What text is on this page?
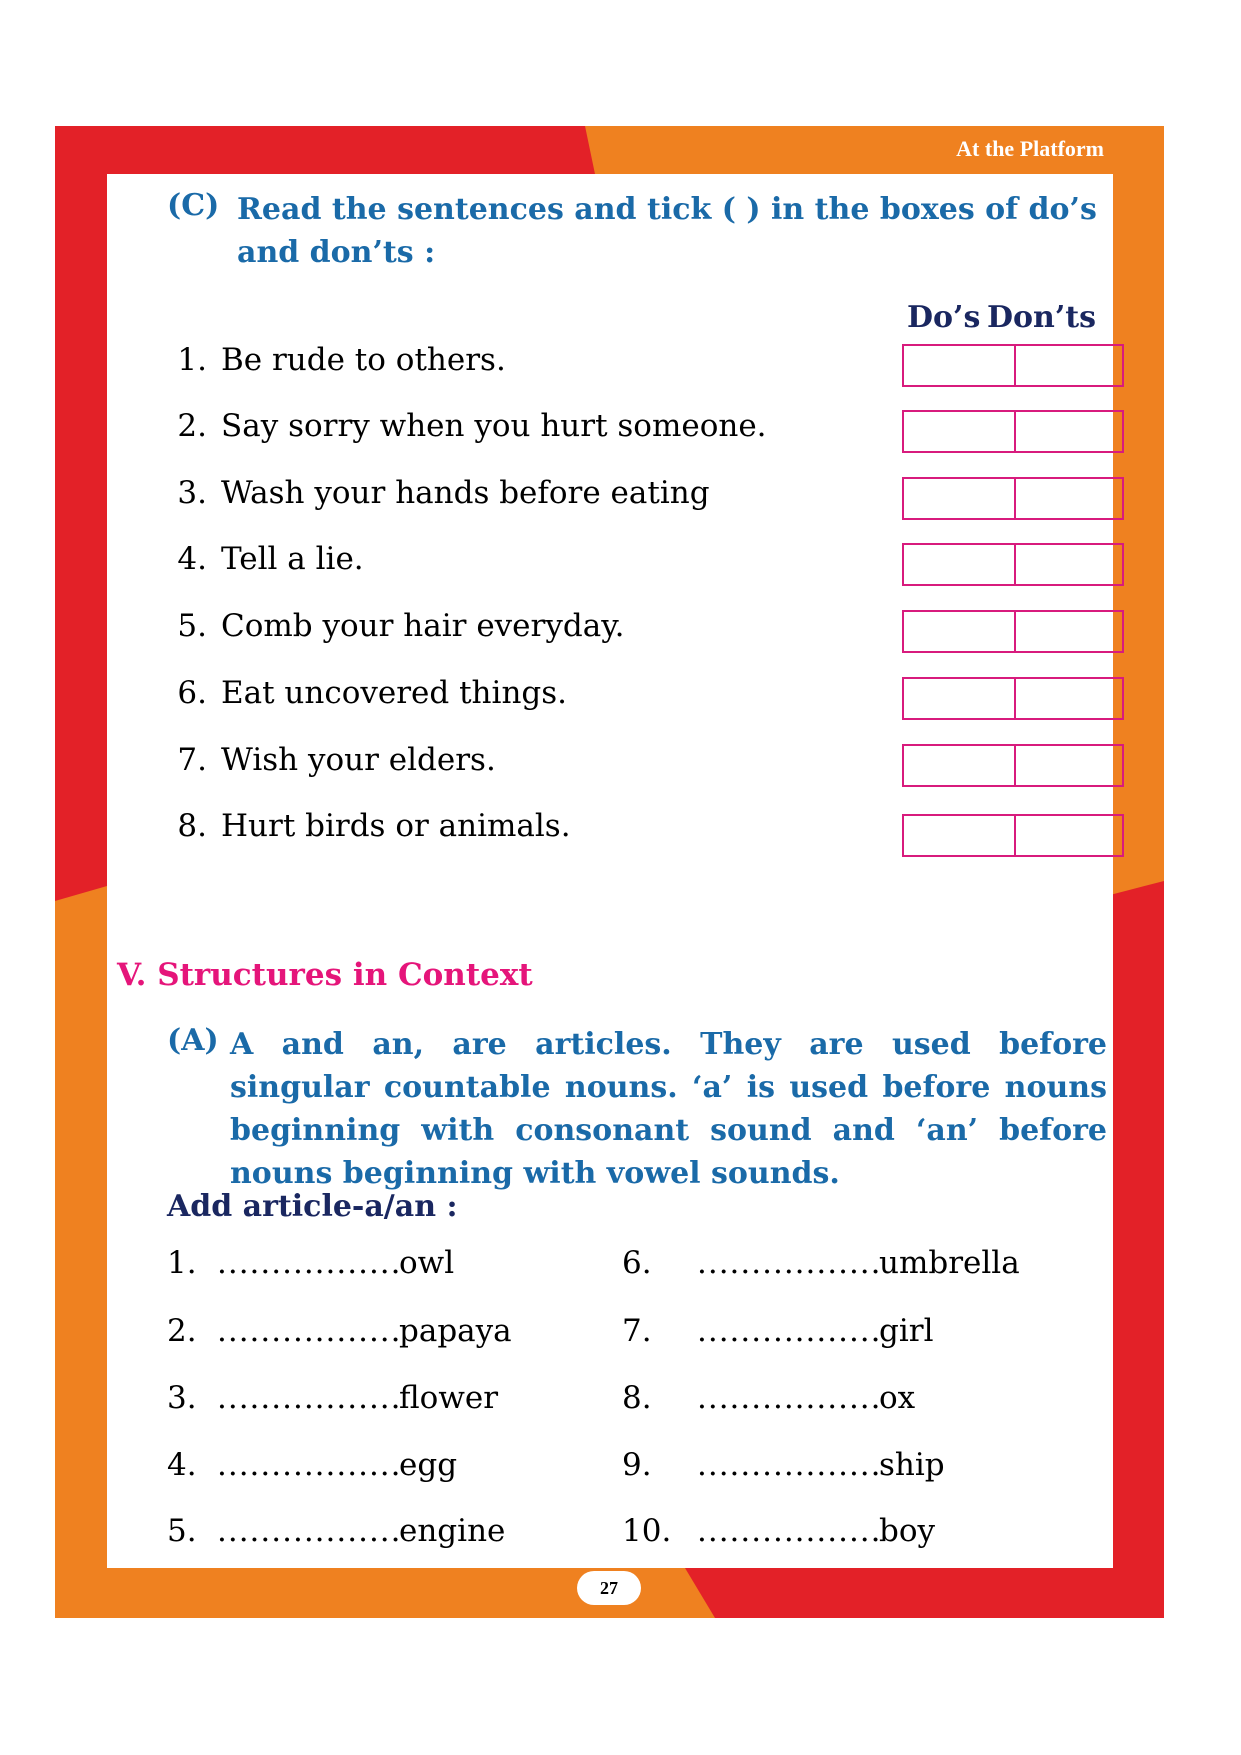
At the Platform
(C) Read the sentences and tick ( ) in the boxes of do’s and don’ts :
Do’s Don’ts
1. Be rude to others.
2. Say sorry when you hurt someone.
3. Wash your hands before eating
4. Tell a lie.
5. Comb your hair everyday.
6. Eat uncovered things.
7. Wish your elders.
8. Hurt birds or animals.
V. Structures in Context
(A) A and an, are articles. They are used before singular countable nouns. ‘a’ is used before nouns beginning with consonant sound and ‘an’ before nouns beginning with vowel sounds.
Add article-a/an :
1. .................owl
2. .................papaya
3. .................flower
4. .................egg
5. .................engine
6. .................umbrella
7. .................girl
8. .................ox
9. .................ship
10. .................boy
27
